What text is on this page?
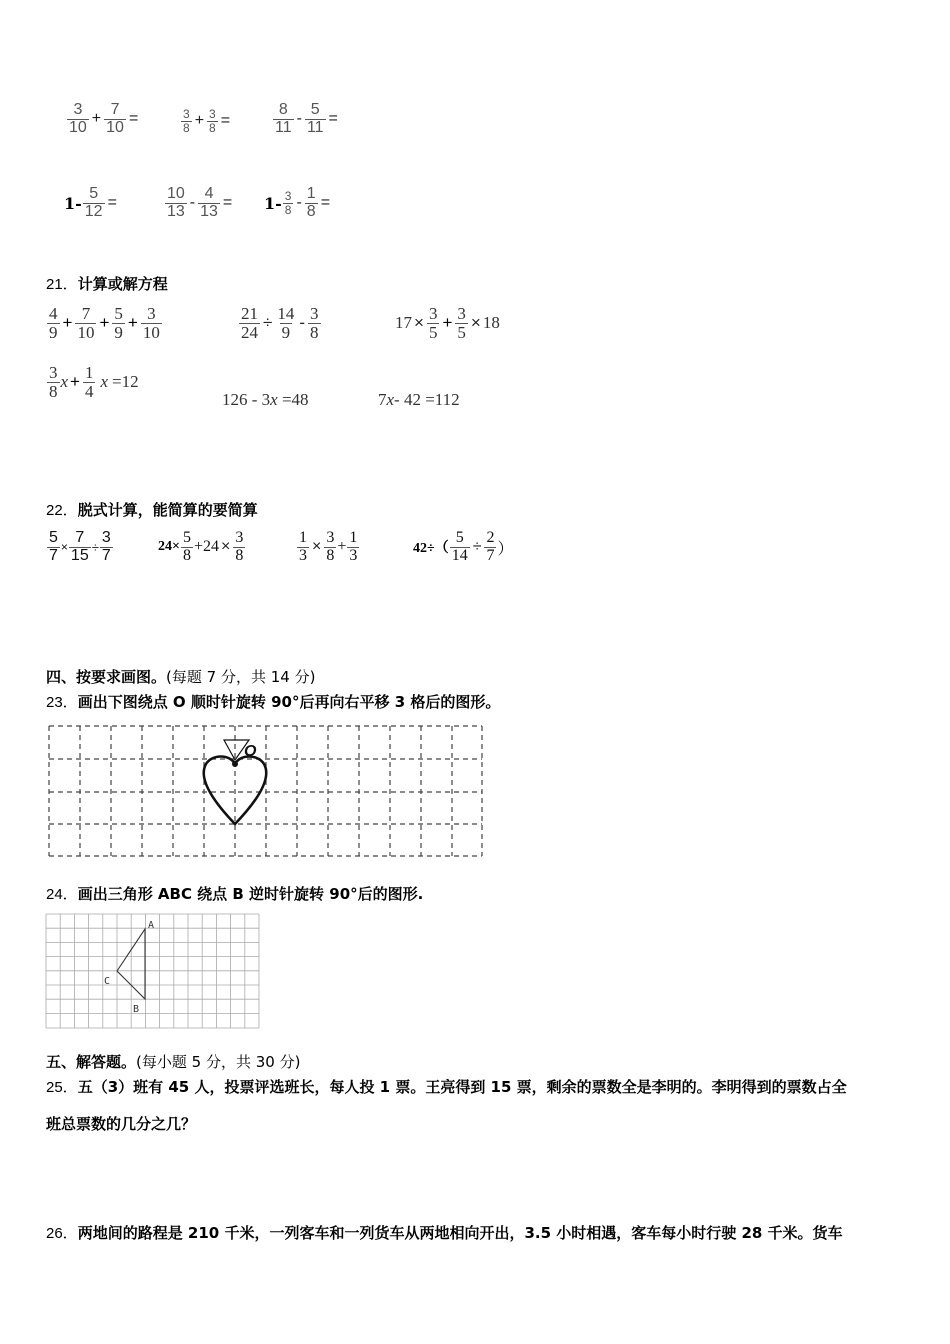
$\frac{3}{10} + \frac{7}{10}$ =	$\frac{3}{8} + \frac{3}{8}$ =	$\frac{8}{11} - \frac{5}{11}$ =
$1- \frac{5}{12}$ =	$\frac{10}{13} - \frac{4}{13} = 1- \frac{3}{8} - \frac{1}{8}$ =
21．计算或解方程
$\frac{4}{9} + \frac{7}{10} + \frac{5}{9} + \frac{3}{10}$	$\frac{21}{24} \div \frac{14}{9} - \frac{3}{8}$	$17 \times \frac{3}{5} + \frac{3}{5} \times 18$
$\frac{3}{8}$ $x + \frac{1}{4}$ x =12
126 - 3x =48	7x- 42 =112
22．脱式计算，能简算的要简算
$\frac{5}{7} \times \frac{7}{15} \div \frac{3}{7}$	$24\times \frac{5}{8} +24 \times \frac{3}{8}$	$\frac{1}{3} \times \frac{3}{8} + \frac{1}{3}$	$42\div( \frac{5}{14} \div \frac{2}{7}$ ）
四、按要求画图。(每题 7 分，共 14 分)
23．画出下图绕点 O 顺时针旋转 90°后再向右平移 3 格后的图形。
O
24．画出三角形 ABC 绕点 B 逆时针旋转 90°后的图形.
A
B
C
五、解答题。(每小题 5 分，共 30 分)
25．五（3）班有 45 人，投票评选班长，每人投 1 票。王亮得到 15 票，剩余的票数全是李明的。李明得到的票数占全
班总票数的几分之几？
26．两地间的路程是 210 千米，一列客车和一列货车从两地相向开出，3.5 小时相遇，客车每小时行驶 28 千米。货车
